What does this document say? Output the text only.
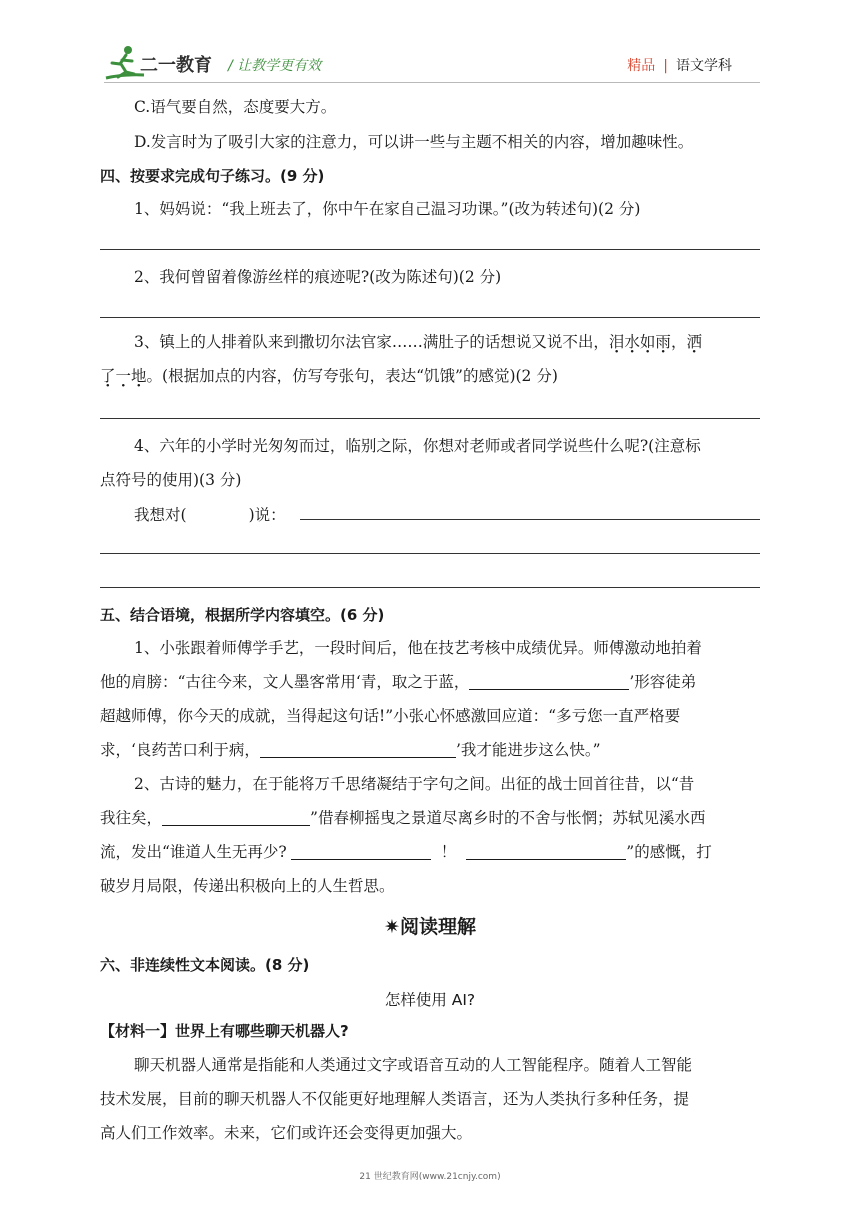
二一教育 / 让教学更有效	精品 | 语文学科
C.语气要自然，态度要大方。
D.发言时为了吸引大家的注意力，可以讲一些与主题不相关的内容，增加趣味性。
四、按要求完成句子练习。(9 分)
1、妈妈说：“我上班去了，你中午在家自己温习功课。”(改为转述句)(2 分)
2、我何曾留着像游丝样的痕迹呢?(改为陈述句)(2 分)
3、镇上的人排着队来到撒切尔法官家……满肚子的话想说又说不出，泪水如雨，洒
了一地。(根据加点的内容，仿写夸张句，表达“饥饿”的感觉)(2 分)
4、六年的小学时光匆匆而过，临别之际，你想对老师或者同学说些什么呢?(注意标
点符号的使用)(3 分)
我想对(	)说：
五、结合语境，根据所学内容填空。(6 分)
1、小张跟着师傅学手艺，一段时间后，他在技艺考核中成绩优异。师傅激动地拍着
他的肩膀：“古往今来，文人墨客常用‘青，取之于蓝，	’形容徒弟
超越师傅，你今天的成就，当得起这句话!”小张心怀感激回应道：“多亏您一直严格要
求，‘良药苦口利于病，	’我才能进步这么快。”
2、古诗的魅力，在于能将万千思绪凝结于字句之间。出征的战士回首往昔，以“昔
我往矣，	”借春柳摇曳之景道尽离乡时的不舍与怅惘；苏轼见溪水西
流，发出“谁道人生无再少?	！	”的感慨，打
破岁月局限，传递出积极向上的人生哲思。
✷阅读理解
六、非连续性文本阅读。(8 分)
怎样使用 AI?
【材料一】世界上有哪些聊天机器人?
聊天机器人通常是指能和人类通过文字或语音互动的人工智能程序。随着人工智能
技术发展，目前的聊天机器人不仅能更好地理解人类语言，还为人类执行多种任务，提
高人们工作效率。未来，它们或许还会变得更加强大。
21 世纪教育网(www.21cnjy.com)
